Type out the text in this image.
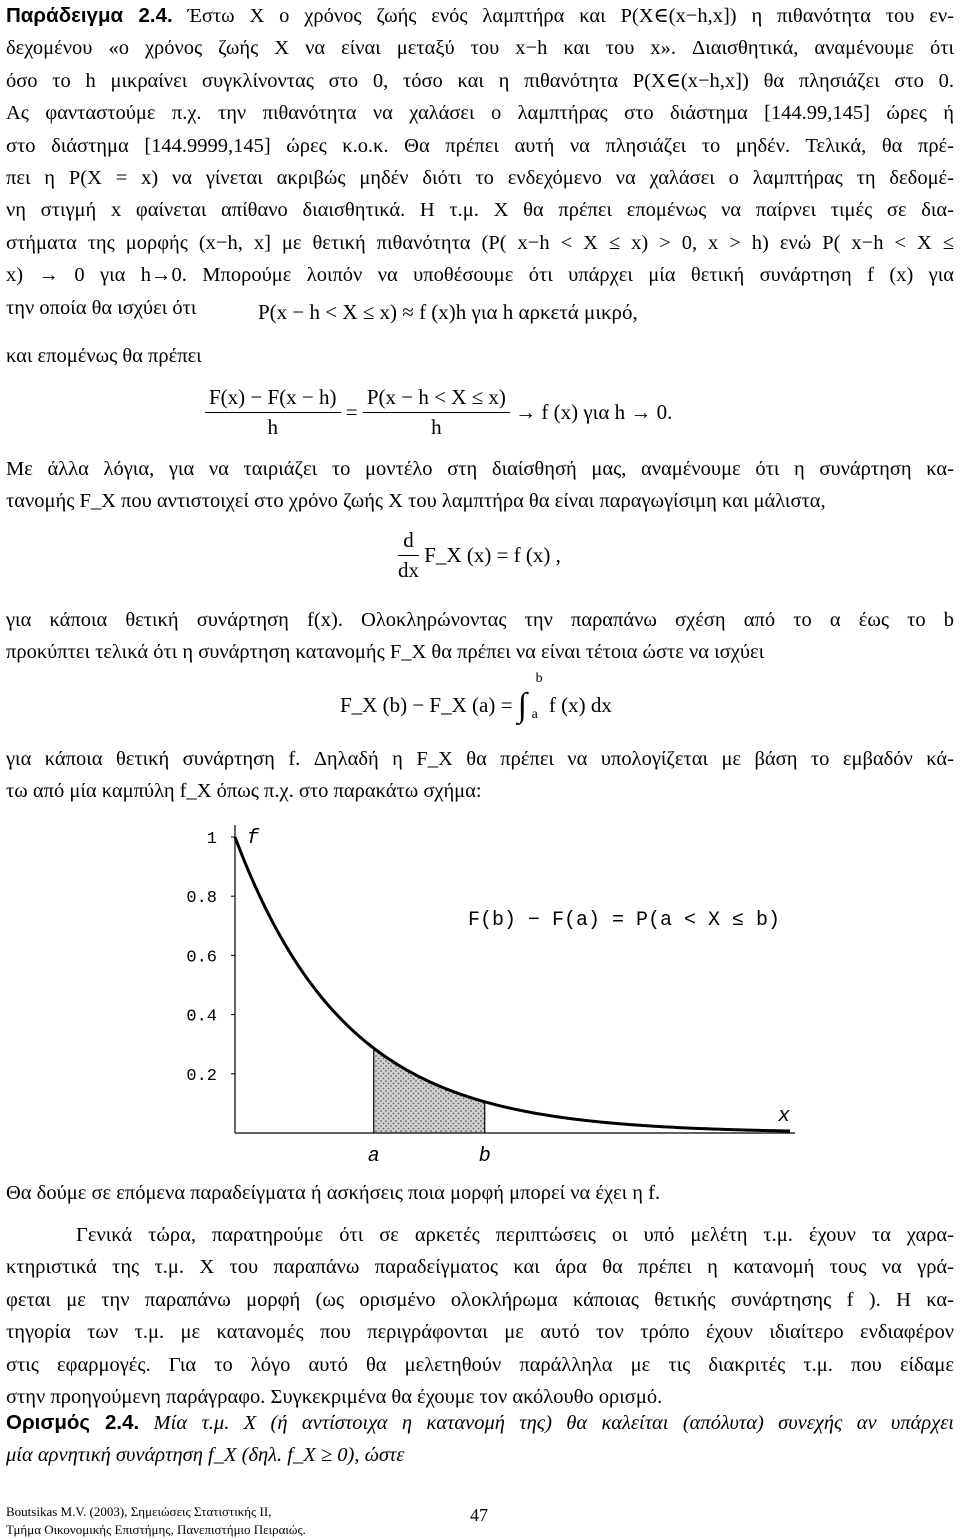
Παράδειγμα 2.4. Έστω X ο χρόνος ζωής ενός λαμπτήρα και P(X∈(x−h,x]) η πιθανότητα του εν-
δεχομένου «ο χρόνος ζωής X να είναι μεταξύ του x−h και του x». Διαισθητικά, αναμένουμε ότι
όσο το h μικραίνει συγκλίνοντας στο 0, τόσο και η πιθανότητα P(X∈(x−h,x]) θα πλησιάζει στο 0.
Ας φανταστούμε π.χ. την πιθανότητα να χαλάσει ο λαμπτήρας στο διάστημα [144.99,145] ώρες ή
στο διάστημα [144.9999,145] ώρες κ.ο.κ. Θα πρέπει αυτή να πλησιάζει το μηδέν. Τελικά, θα πρέ-
πει η P(X = x) να γίνεται ακριβώς μηδέν διότι το ενδεχόμενο να χαλάσει ο λαμπτήρας τη δεδομέ-
νη στιγμή x φαίνεται απίθανο διαισθητικά. Η τ.μ. X θα πρέπει επομένως να παίρνει τιμές σε δια-
στήματα της μορφής (x−h, x] με θετική πιθανότητα (P( x−h < X ≤ x) > 0, x > h) ενώ P( x−h < X ≤
x) → 0 για h→0. Μπορούμε λοιπόν να υποθέσουμε ότι υπάρχει μία θετική συνάρτηση f (x) για
την οποία θα ισχύει ότι	P(x − h < X ≤ x) ≈ f (x)h για h αρκετά μικρό,
και επομένως θα πρέπει
$\frac{F(x) - F(x - h)}{h} = \frac{P(x - h < X \le x)}{h} \to f$ (x) για h → 0.
Με άλλα λόγια, για να ταιριάζει το μοντέλο στη διαίσθησή μας, αναμένουμε ότι η συνάρτηση κα-
τανομής F_X που αντιστοιχεί στο χρόνο ζωής X του λαμπτήρα θα είναι παραγωγίσιμη και μάλιστα,
$\frac{d}{dx}$ F_X (x) = f (x) ,
για κάποια θετική συνάρτηση f(x). Ολοκληρώνοντας την παραπάνω σχέση από το α έως το b
προκύπτει τελικά ότι η συνάρτηση κατανομής F_X θα πρέπει να είναι τέτοια ώστε να ισχύει
F_X (b) − F_X (a) = ∫
b
a f (x) dx
για κάποια θετική συνάρτηση f. Δηλαδή η F_X θα πρέπει να υπολογίζεται με βάση το εμβαδόν κά-
τω από μία καμπύλη f_X όπως π.χ. στο παρακάτω σχήμα:
1
0.8
0.6
0.4
0.2
f
x
a	b
F(b) − F(a) = P(a < X ≤ b)
Θα δούμε σε επόμενα παραδείγματα ή ασκήσεις ποια μορφή μπορεί να έχει η f.
Γενικά τώρα, παρατηρούμε ότι σε αρκετές περιπτώσεις οι υπό μελέτη τ.μ. έχουν τα χαρα-
κτηριστικά της τ.μ. X του παραπάνω παραδείγματος και άρα θα πρέπει η κατανομή τους να γρά-
φεται με την παραπάνω μορφή (ως ορισμένο ολοκλήρωμα κάποιας θετικής συνάρτησης f ). Η κα-
τηγορία των τ.μ. με κατανομές που περιγράφονται με αυτό τον τρόπο έχουν ιδιαίτερο ενδιαφέρον
στις εφαρμογές. Για το λόγο αυτό θα μελετηθούν παράλληλα με τις διακριτές τ.μ. που είδαμε
στην προηγούμενη παράγραφο. Συγκεκριμένα θα έχουμε τον ακόλουθο ορισμό.
Ορισμός 2.4. Μία τ.μ. X (ή αντίστοιχα η κατανομή της) θα καλείται (απόλυτα) συνεχής αν υπάρχει
μία αρνητική συνάρτηση f_X (δηλ. f_X ≥ 0), ώστε
Boutsikas M.V. (2003), Σημειώσεις Στατιστικής ΙΙ,
Τμήμα Οικονομικής Επιστήμης, Πανεπιστήμιο Πειραιώς.
47
